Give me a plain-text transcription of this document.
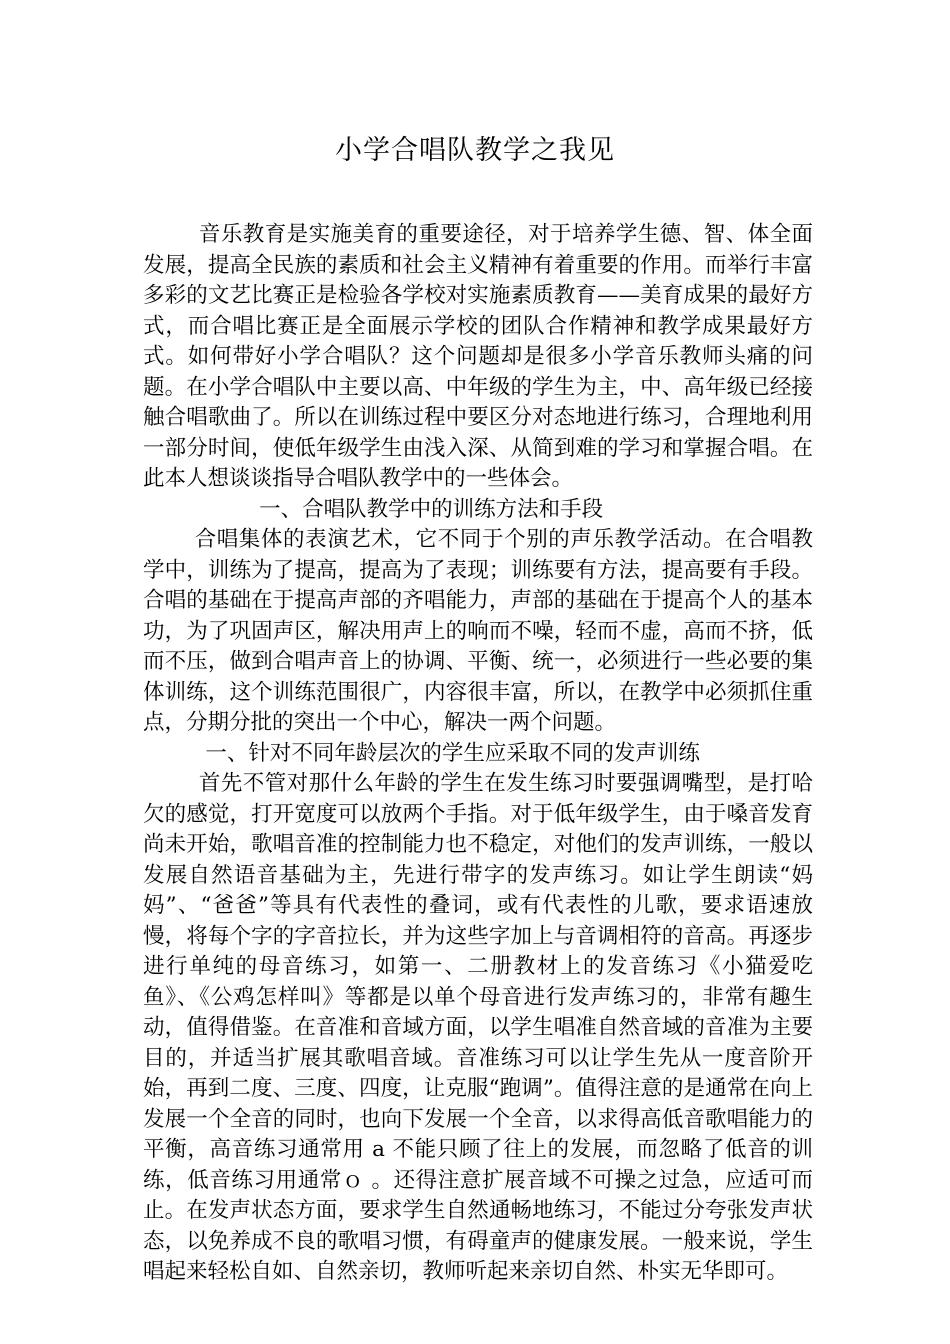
小学合唱队教学之我见

音乐教育是实施美育的重要途径，对于培养学生德、智、体全面发展，提高全民族的素质和社会主义精神有着重要的作用。而举行丰富多彩的文艺比赛正是检验各学校对实施素质教育——美育成果的最好方式，而合唱比赛正是全面展示学校的团队合作精神和教学成果最好方式。如何带好小学合唱队？这个问题却是很多小学音乐教师头痛的问题。在小学合唱队中主要以高、中年级的学生为主，中、高年级已经接触合唱歌曲了。所以在训练过程中要区分对态地进行练习，合理地利用一部分时间，使低年级学生由浅入深、从简到难的学习和掌握合唱。在此本人想谈谈指导合唱队教学中的一些体会。

一、合唱队教学中的训练方法和手段

合唱集体的表演艺术，它不同于个别的声乐教学活动。在合唱教学中，训练为了提高，提高为了表现；训练要有方法，提高要有手段。合唱的基础在于提高声部的齐唱能力，声部的基础在于提高个人的基本功，为了巩固声区，解决用声上的响而不噪，轻而不虚，高而不挤，低而不压，做到合唱声音上的协调、平衡、统一，必须进行一些必要的集体训练，这个训练范围很广，内容很丰富，所以，在教学中必须抓住重点，分期分批的突出一个中心，解决一两个问题。

一、针对不同年龄层次的学生应采取不同的发声训练

首先不管对那什么年龄的学生在发生练习时要强调嘴型，是打哈欠的感觉，打开宽度可以放两个手指。对于低年级学生，由于嗓音发育尚未开始，歌唱音准的控制能力也不稳定，对他们的发声训练，一般以发展自然语音基础为主，先进行带字的发声练习。如让学生朗读“妈妈”、“爸爸”等具有代表性的叠词，或有代表性的儿歌，要求语速放慢，将每个字的字音拉长，并为这些字加上与音调相符的音高。再逐步进行单纯的母音练习，如第一、二册教材上的发音练习《小猫爱吃鱼》、《公鸡怎样叫》等都是以单个母音进行发声练习的，非常有趣生动，值得借鉴。在音准和音域方面，以学生唱准自然音域的音准为主要目的，并适当扩展其歌唱音域。音准练习可以让学生先从一度音阶开始，再到二度、三度、四度，让克服“跑调”。值得注意的是通常在向上发展一个全音的同时，也向下发展一个全音，以求得高低音歌唱能力的平衡，高音练习通常用 a 不能只顾了往上的发展，而忽略了低音的训练，低音练习用通常ｏ 。还得注意扩展音域不可操之过急，应适可而止。在发声状态方面，要求学生自然通畅地练习，不能过分夸张发声状态，以免养成不良的歌唱习惯，有碍童声的健康发展。一般来说，学生唱起来轻松自如、自然亲切，教师听起来亲切自然、朴实无华即可。
